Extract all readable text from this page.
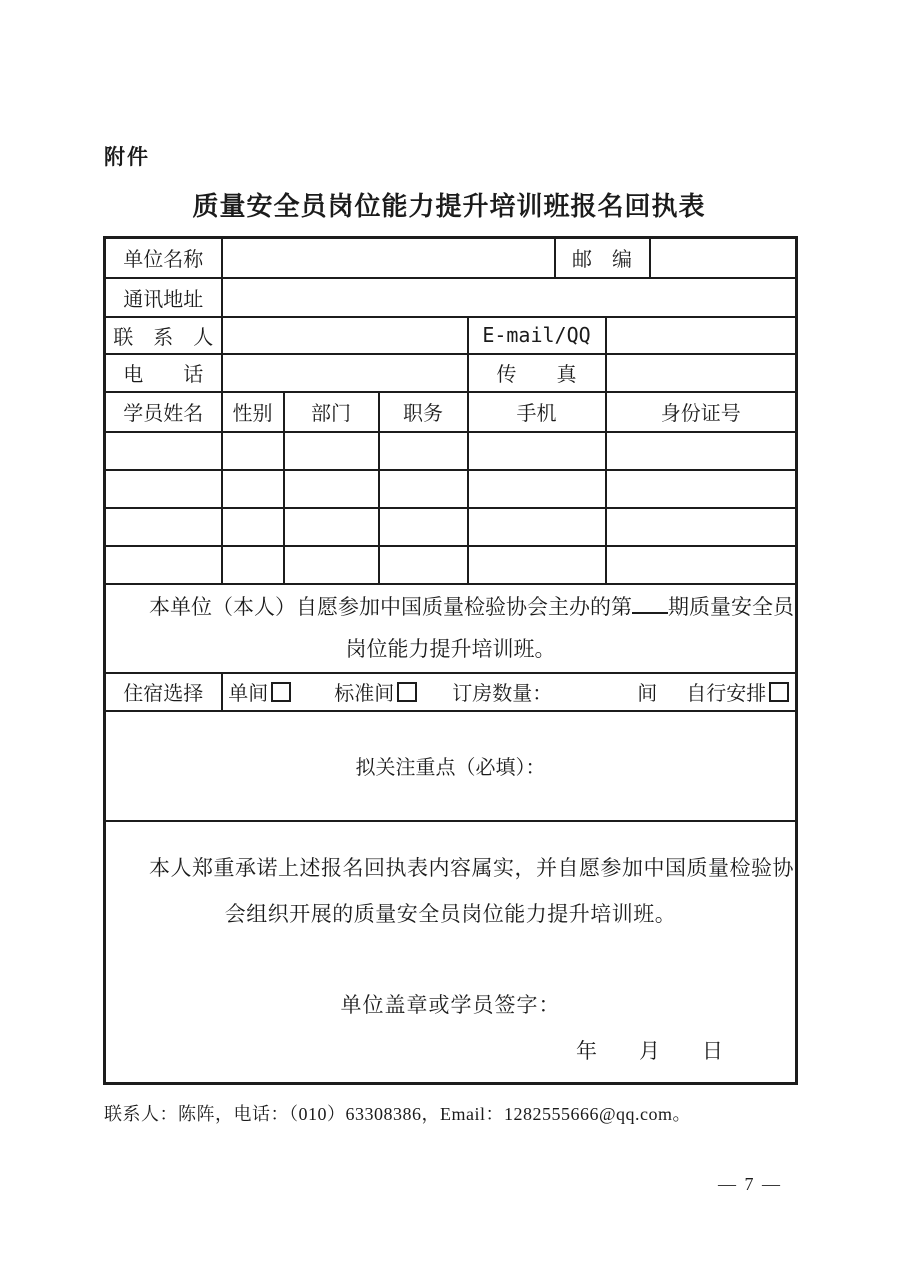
附件
质量安全员岗位能力提升培训班报名回执表
单位名称					邮　编		
通讯地址							
联　系　人				E-mail/QQ			
电　　话				传　　真			
学员姓名	性别	部门	职务	手机		身份证号	

本单位（本人）自愿参加中国质量检验协会主办的第 期质量安全员岗位能力提升培训班。							

住宿选择	单间 标准间 订房数量： 间 自行安排						
拟关注重点（必填）：							

本人郑重承诺上述报名回执表内容属实，并自愿参加中国质量检验协会组织开展的质量安全员岗位能力提升培训班。

单位盖章或学员签字：
年　　月　　日							
联系人：陈阵，电话：（010）63308386，Email：1282555666@qq.com。
— 7 —
